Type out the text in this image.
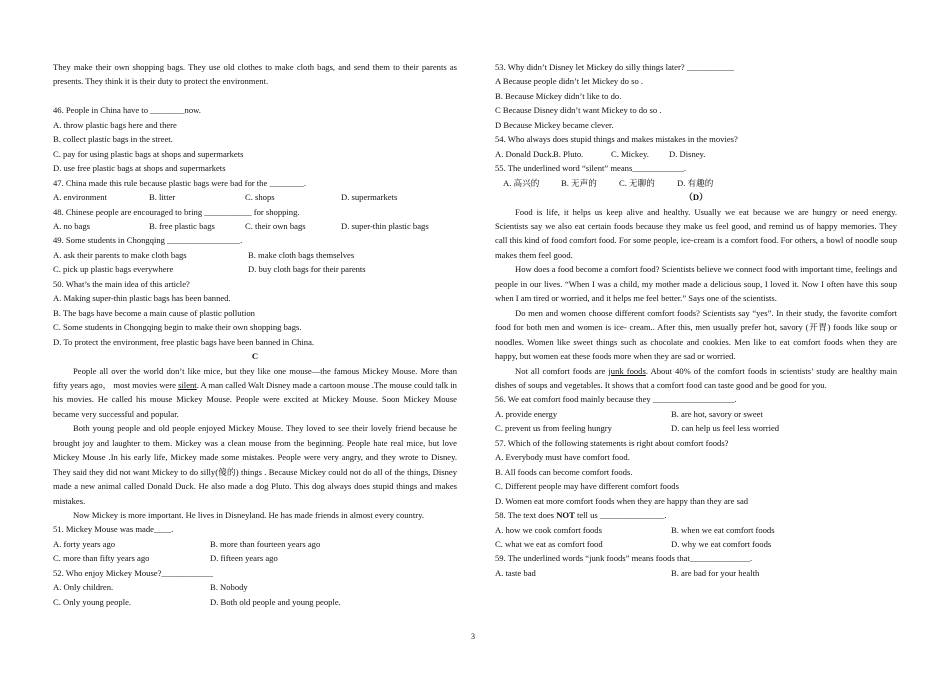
They make their own shopping bags. They use old clothes to make cloth bags, and send them to their parents as presents. They think it is their duty to protect the environment.
46. People in China have to ________now.
A. throw plastic bags here and there
B. collect plastic bags in the street.
C. pay for using plastic bags at shops and supermarkets
D. use free plastic bags at shops and supermarkets
47. China made this rule because plastic bags were bad for the ________.
A. environment	B. litter	C. shops	D. supermarkets
48. Chinese people are encouraged to bring ___________ for shopping.
A. no bags	B. free plastic bags	C. their own bags	D. super-thin plastic bags
49. Some students in Chongqing _________________.
A. ask their parents to make cloth bags	B. make cloth bags themselves
C. pick up plastic bags everywhere	D. buy cloth bags for their parents
50. What’s the main idea of this article?
A. Making super-thin plastic bags has been banned.
B. The bags have become a main cause of plastic pollution
C. Some students in Chongqing begin to make their own shopping bags.
D. To protect the environment, free plastic bags have been banned in China.
C
People all over the world don’t like mice, but they like one mouse—the famous Mickey Mouse. More than fifty years ago， most movies were silent. A man called Walt Disney made a cartoon mouse .The mouse could talk in his movies. He called his mouse Mickey Mouse. People were excited at Mickey Mouse. Soon Mickey Mouse became very successful and popular.
Both young people and old people enjoyed Mickey Mouse. They loved to see their lovely friend because he brought joy and laughter to them. Mickey was a clean mouse from the beginning. People hate real mice, but love Mickey Mouse .In his early life, Mickey made some mistakes. People were very angry, and they wrote to Disney. They said they did not want Mickey to do silly(傻的) things . Because Mickey could not do all of the things, Disney made a new animal called Donald Duck. He also made a dog Pluto. This dog always does stupid things and makes mistakes.
Now Mickey is more important. He lives in Disneyland. He has made friends in almost every country.
51. Mickey Mouse was made____.
A. forty years ago	B. more than fourteen years ago
C. more than fifty years ago	D. fifteen years ago
52. Who enjoy Mickey Mouse?____________
A. Only children.	B. Nobody
C. Only young people.	D. Both old people and young people.
53. Why didn’t Disney let Mickey do silly things later? ___________
A Because people didn’t let Mickey do so .
B. Because Mickey didn’t like to do.
C Because Disney didn’t want Mickey to do so .
D Because Mickey became clever.
54. Who always does stupid things and makes mistakes in the movies?
A. Donald Duck. B. Pluto.	C. Mickey.	D. Disney.
55. The underlined word “silent” means____________.
A. 高兴的	B. 无声的	C. 无聊的	D. 有趣的
（D）
Food is life, it helps us keep alive and healthy. Usually we eat because we are hungry or need energy. Scientists say we also eat certain foods because they make us feel good, and remind us of happy memories. They call this kind of food comfort food. For some people, ice-cream is a comfort food. For others, a bowl of noodle soup makes them feel good.
How does a food become a comfort food? Scientists believe we connect food with important time, feelings and people in our lives. “When I was a child, my mother made a delicious soup, I loved it. Now I often have this soup when I am tired or worried, and it helps me feel better.” Says one of the scientists.
Do men and women choose different comfort foods? Scientists say “yes”. In their study, the favorite comfort food for both men and women is ice- cream.. After this, men usually prefer hot, savory (开胃) foods like soup or noodles. Women like sweet things such as chocolate and cookies. Men like to eat comfort foods when they are happy, but women eat these foods more when they are sad or worried.
Not all comfort foods are junk foods. About 40% of the comfort foods in scientists’ study are healthy main dishes of soups and vegetables. It shows that a comfort food can taste good and be good for you.
56. We eat comfort food mainly because they ___________________.
A. provide energy	B. are hot, savory or sweet
C. prevent us from feeling hungry	D. can help us feel less worried
57. Which of the following statements is right about comfort foods?
A. Everybody must have comfort food.
B. All foods can become comfort foods.
C. Different people may have different comfort foods
D. Women eat more comfort foods when they are happy than they are sad
58. The text does NOT tell us _______________.
A. how we cook comfort foods	B. when we eat comfort foods
C. what we eat as comfort food	D. why we eat comfort foods
59. The underlined words “junk foods” means foods that______________.
A. taste bad	B. are bad for your health
3
